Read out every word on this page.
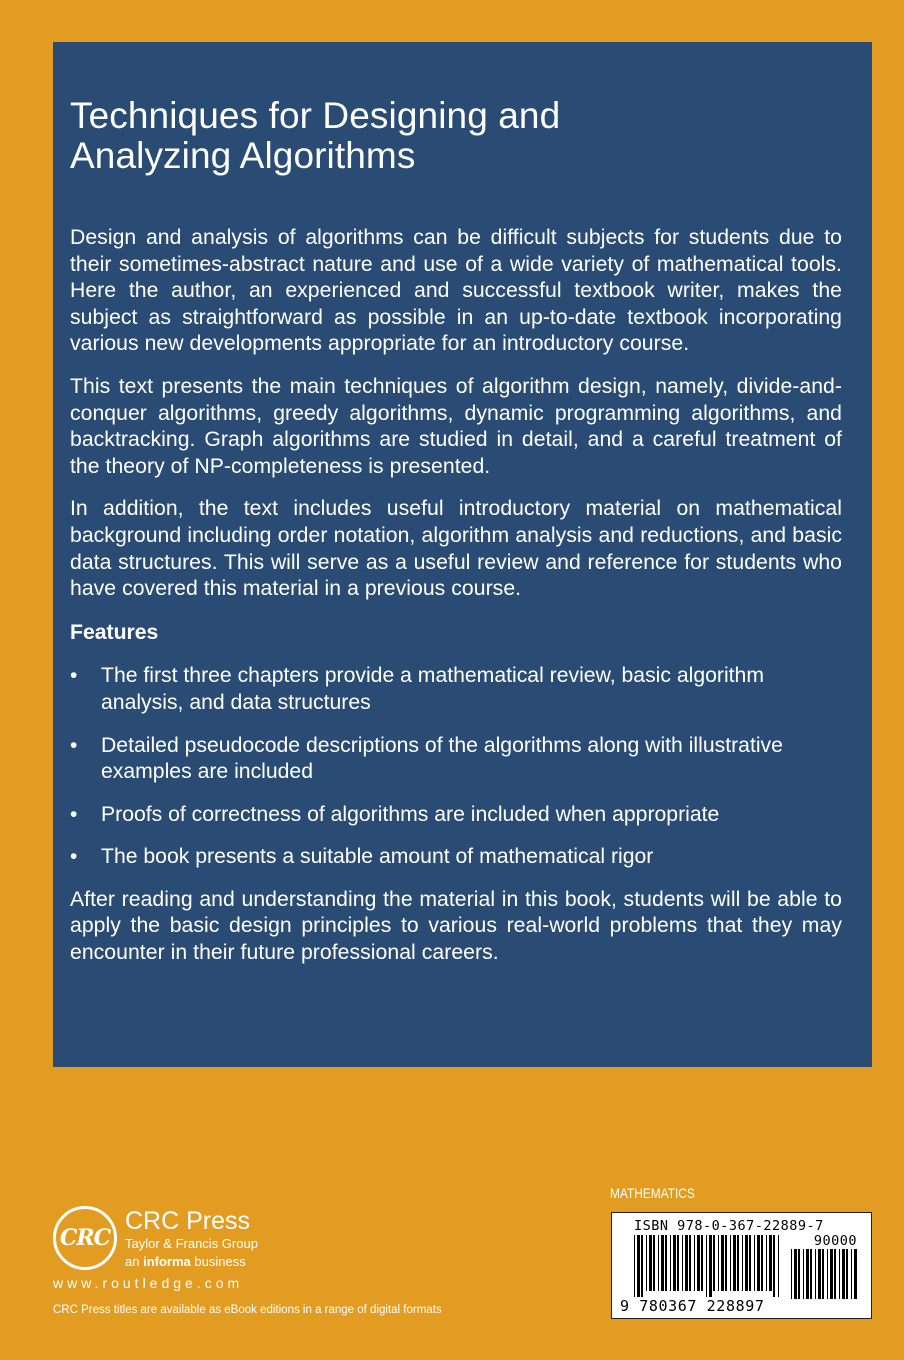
Techniques for Designing and
Analyzing Algorithms

Design and analysis of algorithms can be difficult subjects for students due to their sometimes-abstract nature and use of a wide variety of mathematical tools. Here the author, an experienced and successful textbook writer, makes the subject as straightforward as possible in an up-to-date textbook incorporating various new developments appropriate for an introductory course.

This text presents the main techniques of algorithm design, namely, divide-and-conquer algorithms, greedy algorithms, dynamic programming algorithms, and backtracking. Graph algorithms are studied in detail, and a careful treatment of the theory of NP-completeness is presented.

In addition, the text includes useful introductory material on mathematical background including order notation, algorithm analysis and reductions, and basic data structures. This will serve as a useful review and reference for students who have covered this material in a previous course.

Features
• The first three chapters provide a mathematical review, basic algorithm analysis, and data structures
• Detailed pseudocode descriptions of the algorithms along with illustrative examples are included
• Proofs of correctness of algorithms are included when appropriate
• The book presents a suitable amount of mathematical rigor

After reading and understanding the material in this book, students will be able to apply the basic design principles to various real-world problems that they may encounter in their future professional careers.

CRC
CRC Press
Taylor & Francis Group
an informa business
www.routledge.com
CRC Press titles are available as eBook editions in a range of digital formats
MATHEMATICS
ISBN 978-0-367-22889-7
90000
9 780367 228897
